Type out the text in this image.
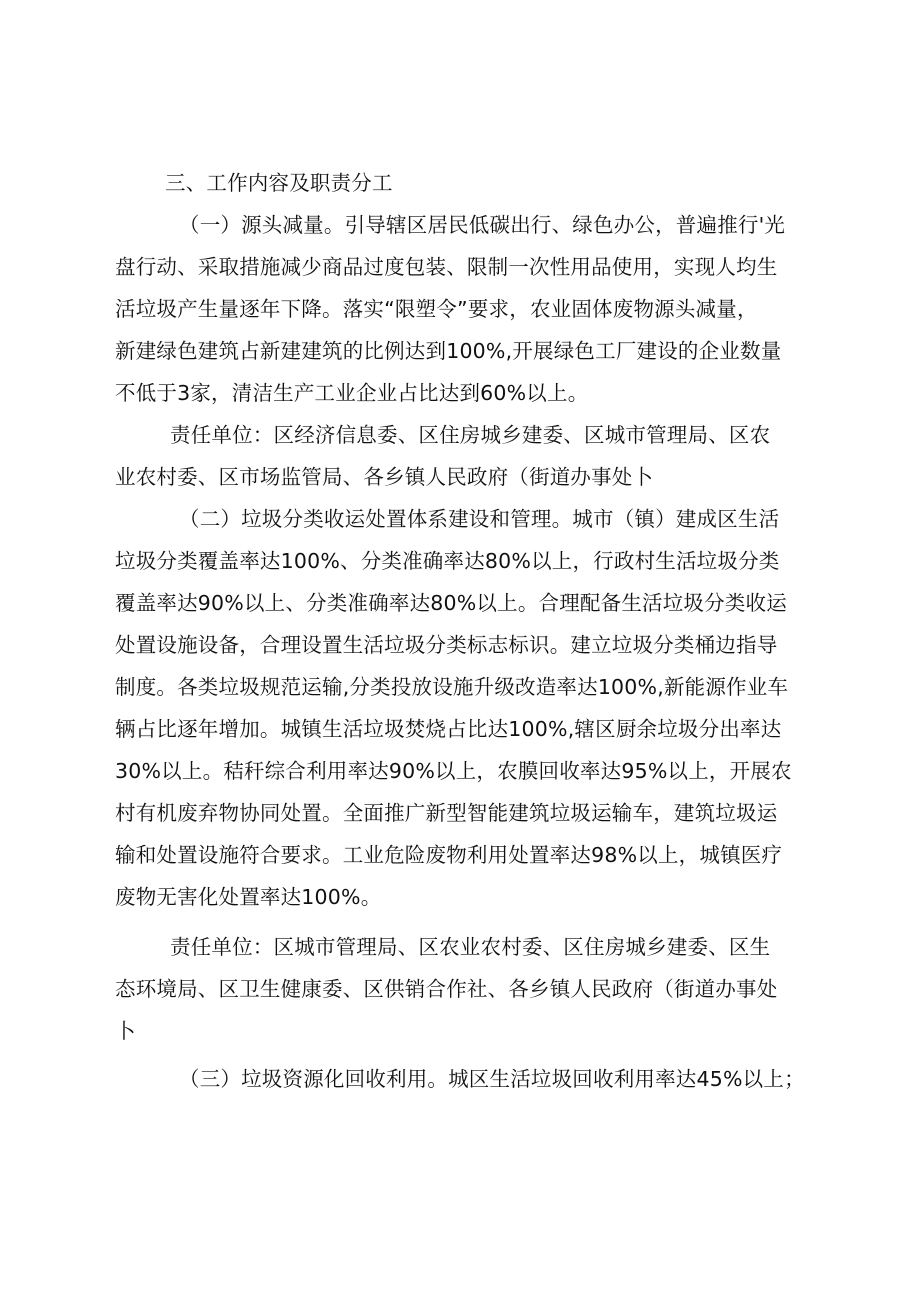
三、工作内容及职责分工
（一）源头减量。引导辖区居民低碳出行、绿色办公，普遍推行'光
盘行动、采取措施减少商品过度包装、限制一次性用品使用，实现人均生
活垃圾产生量逐年下降。落实“限塑令”要求，农业固体废物源头减量，
新建绿色建筑占新建建筑的比例达到100%,开展绿色工厂建设的企业数量
不低于3家，清洁生产工业企业占比达到60%以上。
责任单位：区经济信息委、区住房城乡建委、区城市管理局、区农
业农村委、区市场监管局、各乡镇人民政府（街道办事处卜
（二）垃圾分类收运处置体系建设和管理。城市（镇）建成区生活
垃圾分类覆盖率达100%、分类准确率达80%以上，行政村生活垃圾分类
覆盖率达90%以上、分类准确率达80%以上。合理配备生活垃圾分类收运
处置设施设备，合理设置生活垃圾分类标志标识。建立垃圾分类桶边指导
制度。各类垃圾规范运输,分类投放设施升级改造率达100%,新能源作业车
辆占比逐年增加。城镇生活垃圾焚烧占比达100%,辖区厨余垃圾分出率达
30%以上。秸秆综合利用率达90%以上，农膜回收率达95%以上，开展农
村有机废弃物协同处置。全面推广新型智能建筑垃圾运输车，建筑垃圾运
输和处置设施符合要求。工业危险废物利用处置率达98%以上，城镇医疗
废物无害化处置率达100%。
责任单位：区城市管理局、区农业农村委、区住房城乡建委、区生
态环境局、区卫生健康委、区供销合作社、各乡镇人民政府（街道办事处
卜
（三）垃圾资源化回收利用。城区生活垃圾回收利用率达45%以上；
